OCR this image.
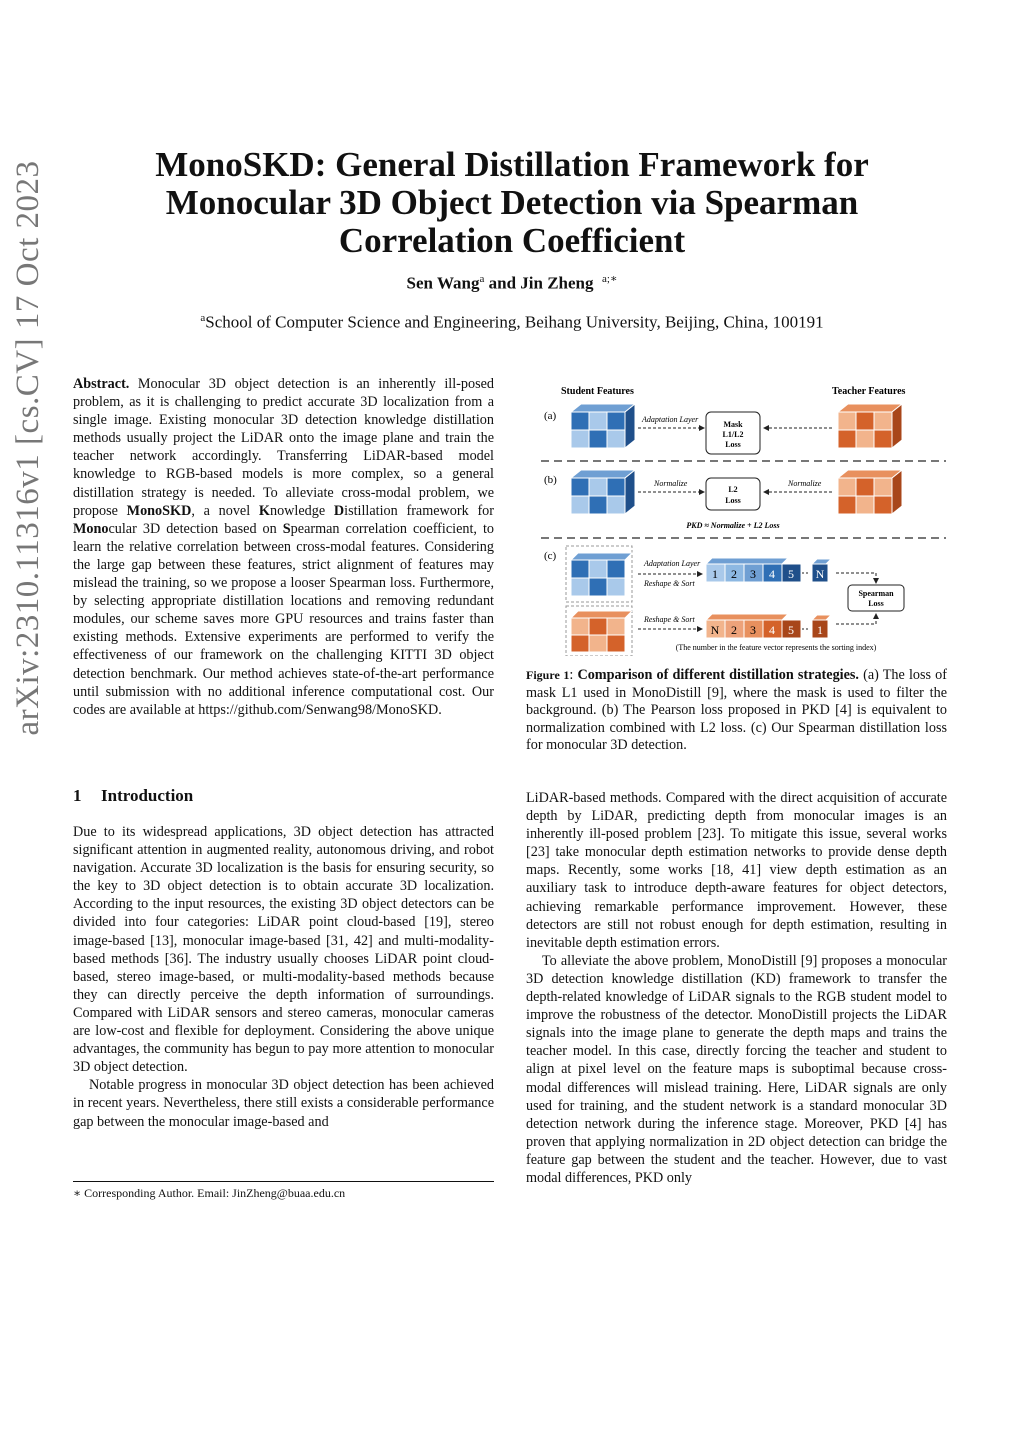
arXiv:2310.11316v1 [cs.CV] 17 Oct 2023	MonoSKD: General Distillation Framework for
Monocular 3D Object Detection via Spearman
Correlation Coefficient
Sen Wang$^a$ and Jin Zheng $^{a;∗}$
$^a$School of Computer Science and Engineering, Beihang University, Beijing, China, 100191

Abstract. Monocular 3D object detection is an inherently ill-posed problem, as it is challenging to predict accurate 3D localization from a single image. Existing monocular 3D detection knowledge distillation methods usually project the LiDAR onto the image plane and train the teacher network accordingly. Transferring LiDAR-based model knowledge to RGB-based models is more complex, so a general distillation strategy is needed. To alleviate cross-modal problem, we propose MonoSKD, a novel Knowledge Distillation framework for Monocular 3D detection based on Spearman correlation coefficient, to learn the relative correlation between cross-modal features. Considering the large gap between these features, strict alignment of features may mislead the training, so we propose a looser Spearman loss. Furthermore, by selecting appropriate distillation locations and removing redundant modules, our scheme saves more GPU resources and trains faster than existing methods. Extensive experiments are performed to verify the effectiveness of our framework on the challenging KITTI 3D object detection benchmark. Our method achieves state-of-the-art performance until submission with no additional inference computational cost. Our codes are available at https://github.com/Senwang98/MonoSKD.

1 Introduction

Due to its widespread applications, 3D object detection has attracted significant attention in augmented reality, autonomous driving, and robot navigation. Accurate 3D localization is the basis for ensuring security, so the key to 3D object detection is to obtain accurate 3D localization. According to the input resources, the existing 3D object detectors can be divided into four categories: LiDAR point cloud-based [19], stereo image-based [13], monocular image-based [31, 42] and multi-modality-based methods [36]. The industry usually chooses LiDAR point cloud-based, stereo image-based, or multi-modality-based methods because they can directly perceive the depth information of surroundings. Compared with LiDAR sensors and stereo cameras, monocular cameras are low-cost and flexible for deployment. Considering the above unique advantages, the community has begun to pay more attention to monocular 3D object detection.

Notable progress in monocular 3D object detection has been achieved in recent years. Nevertheless, there still exists a considerable performance gap between the monocular image-based and

∗ Corresponding Author. Email: JinZheng@buaa.edu.cn

LiDAR-based methods. Compared with the direct acquisition of accurate depth by LiDAR, predicting depth from monocular images is an inherently ill-posed problem [23]. To mitigate this issue, several works [23] take monocular depth estimation networks to provide dense depth maps. Recently, some works [18, 41] view depth estimation as an auxiliary task to introduce depth-aware features for object detectors, achieving remarkable performance improvement. However, these detectors are still not robust enough for depth estimation, resulting in inevitable depth estimation errors.

To alleviate the above problem, MonoDistill [9] proposes a monocular 3D detection knowledge distillation (KD) framework to transfer the depth-related knowledge of LiDAR signals to the RGB student model to improve the robustness of the detector. MonoDistill projects the LiDAR signals into the image plane to generate the depth maps and trains the teacher model. In this case, directly forcing the teacher and student to align at pixel level on the feature maps is suboptimal because cross-modal differences will mislead training. Here, LiDAR signals are only used for training, and the student network is a standard monocular 3D detection network during the inference stage. Moreover, PKD [4] has proven that applying normalization in 2D object detection can bridge the feature gap between the student and the teacher. However, due to vast modal differences, PKD only

Student Features	Teacher Features
(a)
(b)
(c)
Adaptation Layer
Mask
L1/L2
Loss
Normalize
L2
Loss
Normalize
PKD ≈ Normalize + L2 Loss
Adaptation Layer
Reshape & Sort
1 2 3 4 5 N
Spearman
Loss
Reshape & Sort
N 2 3 4 5 1
(The number in the feature vector represents the sorting index)
Figure 1: Comparison of different distillation strategies. (a) The loss of mask L1 used in MonoDistill [9], where the mask is used to filter the background. (b) The Pearson loss proposed in PKD [4] is equivalent to normalization combined with L2 loss. (c) Our Spearman distillation loss for monocular 3D detection.
